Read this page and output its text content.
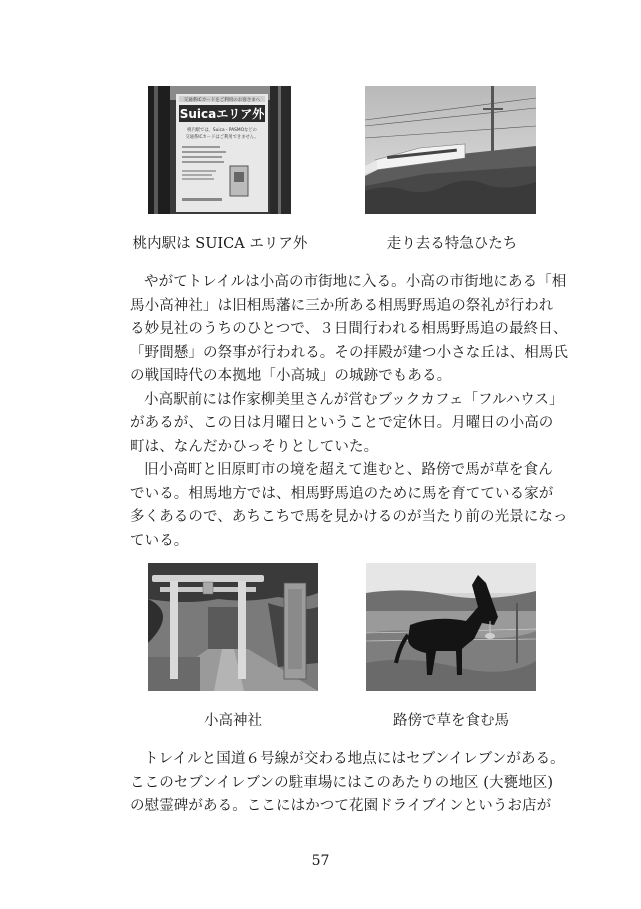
交通系ICカードをご利用のお客さまへ
Suicaエリア外
桃内駅では、Suica・PASMOなどの
交通系ICカードはご利用できません。
桃内駅は SUICA エリア外	走り去る特急ひたち
やがてトレイルは小高の市街地に入る。小高の市街地にある「相
馬小高神社」は旧相馬藩に三か所ある相馬野馬追の祭礼が行われ
る妙見社のうちのひとつで、３日間行われる相馬野馬追の最終日、
「野間懸」の祭事が行われる。その拝殿が建つ小さな丘は、相馬氏
の戦国時代の本拠地「小高城」の城跡でもある。
小高駅前には作家柳美里さんが営むブックカフェ「フルハウス」
があるが、この日は月曜日ということで定休日。月曜日の小高の
町は、なんだかひっそりとしていた。
旧小高町と旧原町市の境を超えて進むと、路傍で馬が草を食ん
でいる。相馬地方では、相馬野馬追のために馬を育てている家が
多くあるので、あちこちで馬を見かけるのが当たり前の光景になっ
ている。
小高神社	路傍で草を食む馬
トレイルと国道６号線が交わる地点にはセブンイレブンがある。
ここのセブンイレブンの駐車場にはこのあたりの地区 (大甕地区)
の慰霊碑がある。ここにはかつて花園ドライブインというお店が
57
